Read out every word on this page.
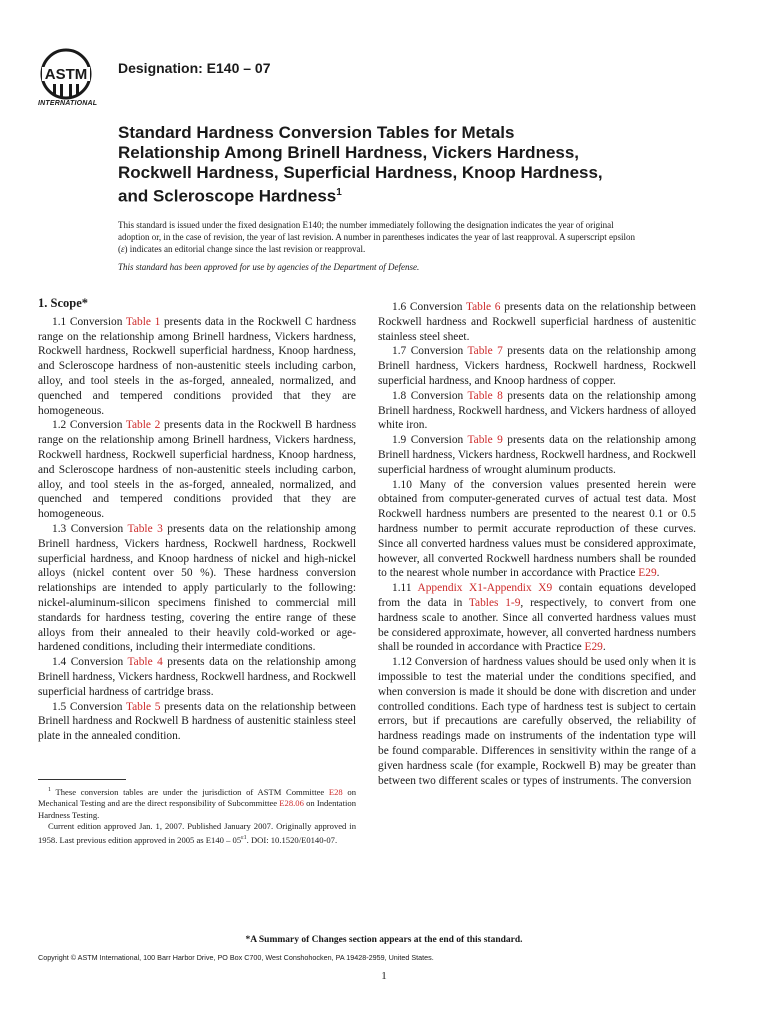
ASTM
INTERNATIONAL
Designation: E140 – 07
Standard Hardness Conversion Tables for Metals
Relationship Among Brinell Hardness, Vickers Hardness,
Rockwell Hardness, Superficial Hardness, Knoop Hardness,
and Scleroscope Hardness$^1$

This standard is issued under the fixed designation E140; the number immediately following the designation indicates the year of original adoption or, in the case of revision, the year of last revision. A number in parentheses indicates the year of last reapproval. A superscript epsilon (ε) indicates an editorial change since the last revision or reapproval.

This standard has been approved for use by agencies of the Department of Defense.

1. Scope*

1.1 Conversion Table 1 presents data in the Rockwell C hardness range on the relationship among Brinell hardness, Vickers hardness, Rockwell hardness, Rockwell superficial hardness, Knoop hardness, and Scleroscope hardness of non-austenitic steels including carbon, alloy, and tool steels in the as-forged, annealed, normalized, and quenched and tempered conditions provided that they are homogeneous.

1.2 Conversion Table 2 presents data in the Rockwell B hardness range on the relationship among Brinell hardness, Vickers hardness, Rockwell hardness, Rockwell superficial hardness, Knoop hardness, and Scleroscope hardness of non-austenitic steels including carbon, alloy, and tool steels in the as-forged, annealed, normalized, and quenched and tempered conditions provided that they are homogeneous.

1.3 Conversion Table 3 presents data on the relationship among Brinell hardness, Vickers hardness, Rockwell hardness, Rockwell superficial hardness, and Knoop hardness of nickel and high-nickel alloys (nickel content over 50 %). These hardness conversion relationships are intended to apply particularly to the following: nickel-aluminum-silicon specimens finished to commercial mill standards for hardness testing, covering the entire range of these alloys from their annealed to their heavily cold-worked or age-hardened conditions, including their intermediate conditions.

1.4 Conversion Table 4 presents data on the relationship among Brinell hardness, Vickers hardness, Rockwell hardness, and Rockwell superficial hardness of cartridge brass.

1.5 Conversion Table 5 presents data on the relationship between Brinell hardness and Rockwell B hardness of austenitic stainless steel plate in the annealed condition.

$^1$ These conversion tables are under the jurisdiction of ASTM Committee E28 on Mechanical Testing and are the direct responsibility of Subcommittee E28.06 on Indentation Hardness Testing.

Current edition approved Jan. 1, 2007. Published January 2007. Originally approved in 1958. Last previous edition approved in 2005 as $E140 - 05^{\varepsilon 1}$. DOI: 10.1520/E0140-07.

1.6 Conversion Table 6 presents data on the relationship between Rockwell hardness and Rockwell superficial hardness of austenitic stainless steel sheet.

1.7 Conversion Table 7 presents data on the relationship among Brinell hardness, Vickers hardness, Rockwell hardness, Rockwell superficial hardness, and Knoop hardness of copper.

1.8 Conversion Table 8 presents data on the relationship among Brinell hardness, Rockwell hardness, and Vickers hardness of alloyed white iron.

1.9 Conversion Table 9 presents data on the relationship among Brinell hardness, Vickers hardness, Rockwell hardness, and Rockwell superficial hardness of wrought aluminum products.

1.10 Many of the conversion values presented herein were obtained from computer-generated curves of actual test data. Most Rockwell hardness numbers are presented to the nearest 0.1 or 0.5 hardness number to permit accurate reproduction of these curves. Since all converted hardness values must be considered approximate, however, all converted Rockwell hardness numbers shall be rounded to the nearest whole number in accordance with Practice E29.

1.11 Appendix X1-Appendix X9 contain equations developed from the data in Tables 1-9, respectively, to convert from one hardness scale to another. Since all converted hardness values must be considered approximate, however, all converted hardness numbers shall be rounded in accordance with Practice E29.

1.12 Conversion of hardness values should be used only when it is impossible to test the material under the conditions specified, and when conversion is made it should be done with discretion and under controlled conditions. Each type of hardness test is subject to certain errors, but if precautions are carefully observed, the reliability of hardness readings made on instruments of the indentation type will be found comparable. Differences in sensitivity within the range of a given hardness scale (for example, Rockwell B) may be greater than between two different scales or types of instruments. The conversion

*A Summary of Changes section appears at the end of this standard.
Copyright © ASTM International, 100 Barr Harbor Drive, PO Box C700, West Conshohocken, PA 19428-2959, United States.
1
